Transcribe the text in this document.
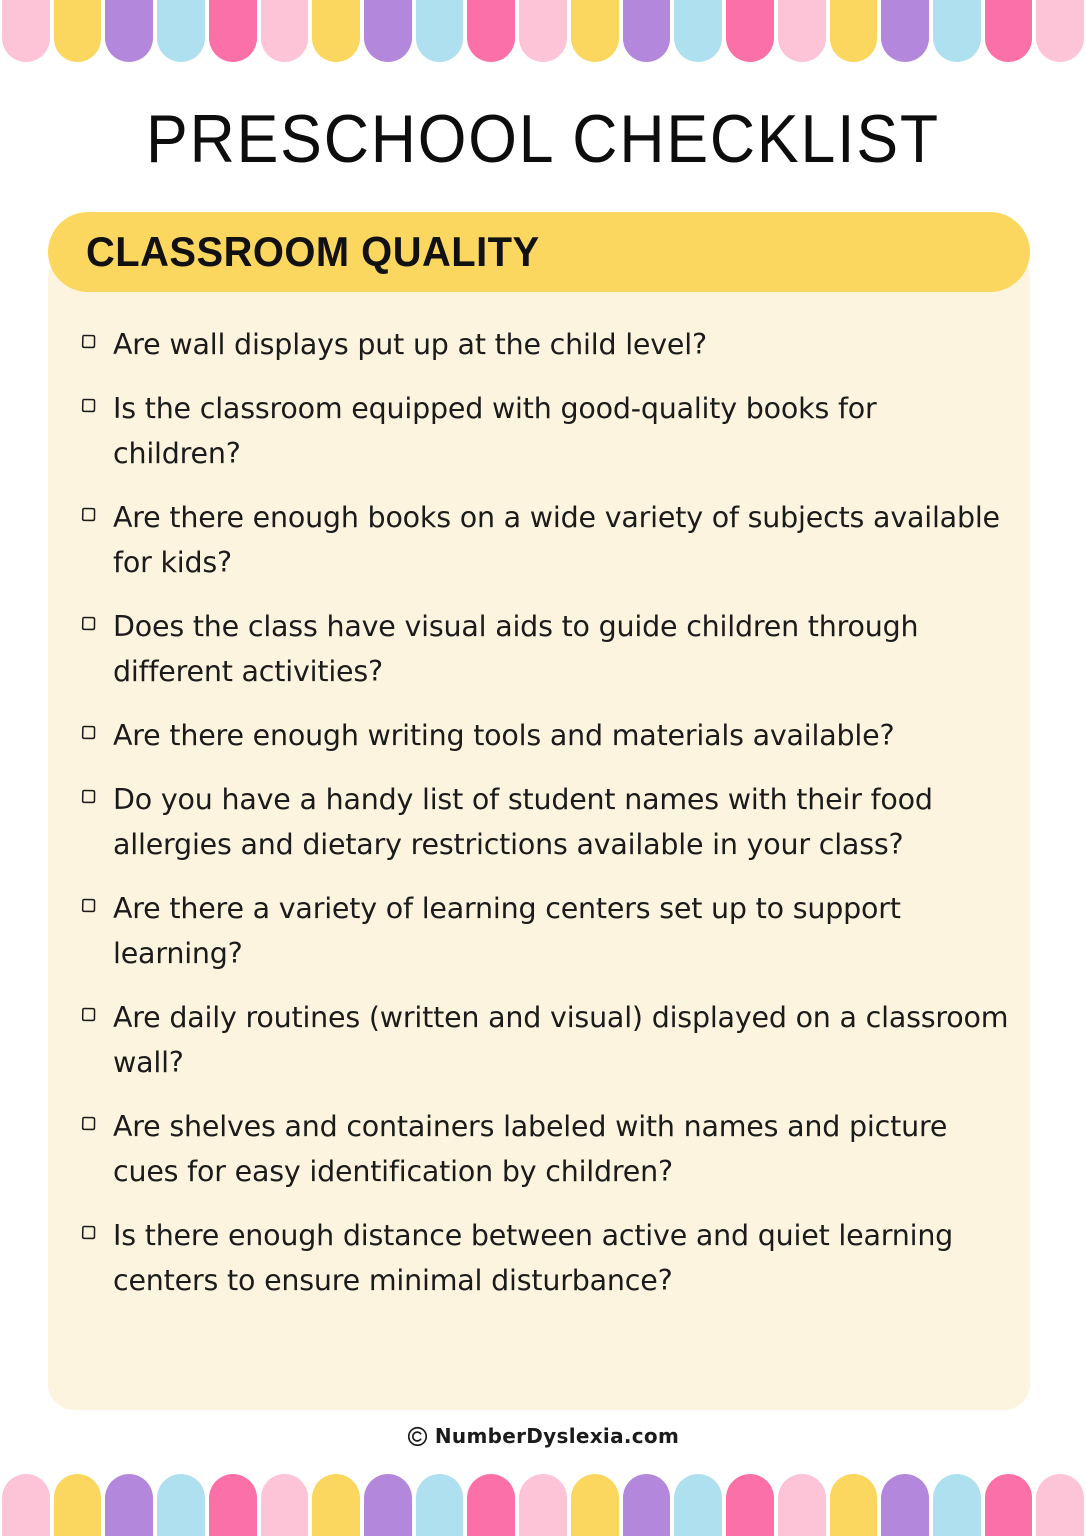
PRESCHOOL CHECKLIST
CLASSROOM QUALITY
Are wall displays put up at the child level?
Is the classroom equipped with good-quality books for children?
Are there enough books on a wide variety of subjects available for kids?
Does the class have visual aids to guide children through different activities?
Are there enough writing tools and materials available?
Do you have a handy list of student names with their food allergies and dietary restrictions available in your class?
Are there a variety of learning centers set up to support learning?
Are daily routines (written and visual) displayed on a classroom wall?
Are shelves and containers labeled with names and picture cues for easy identification by children?
Is there enough distance between active and quiet learning centers to ensure minimal disturbance?
NumberDyslexia.com
